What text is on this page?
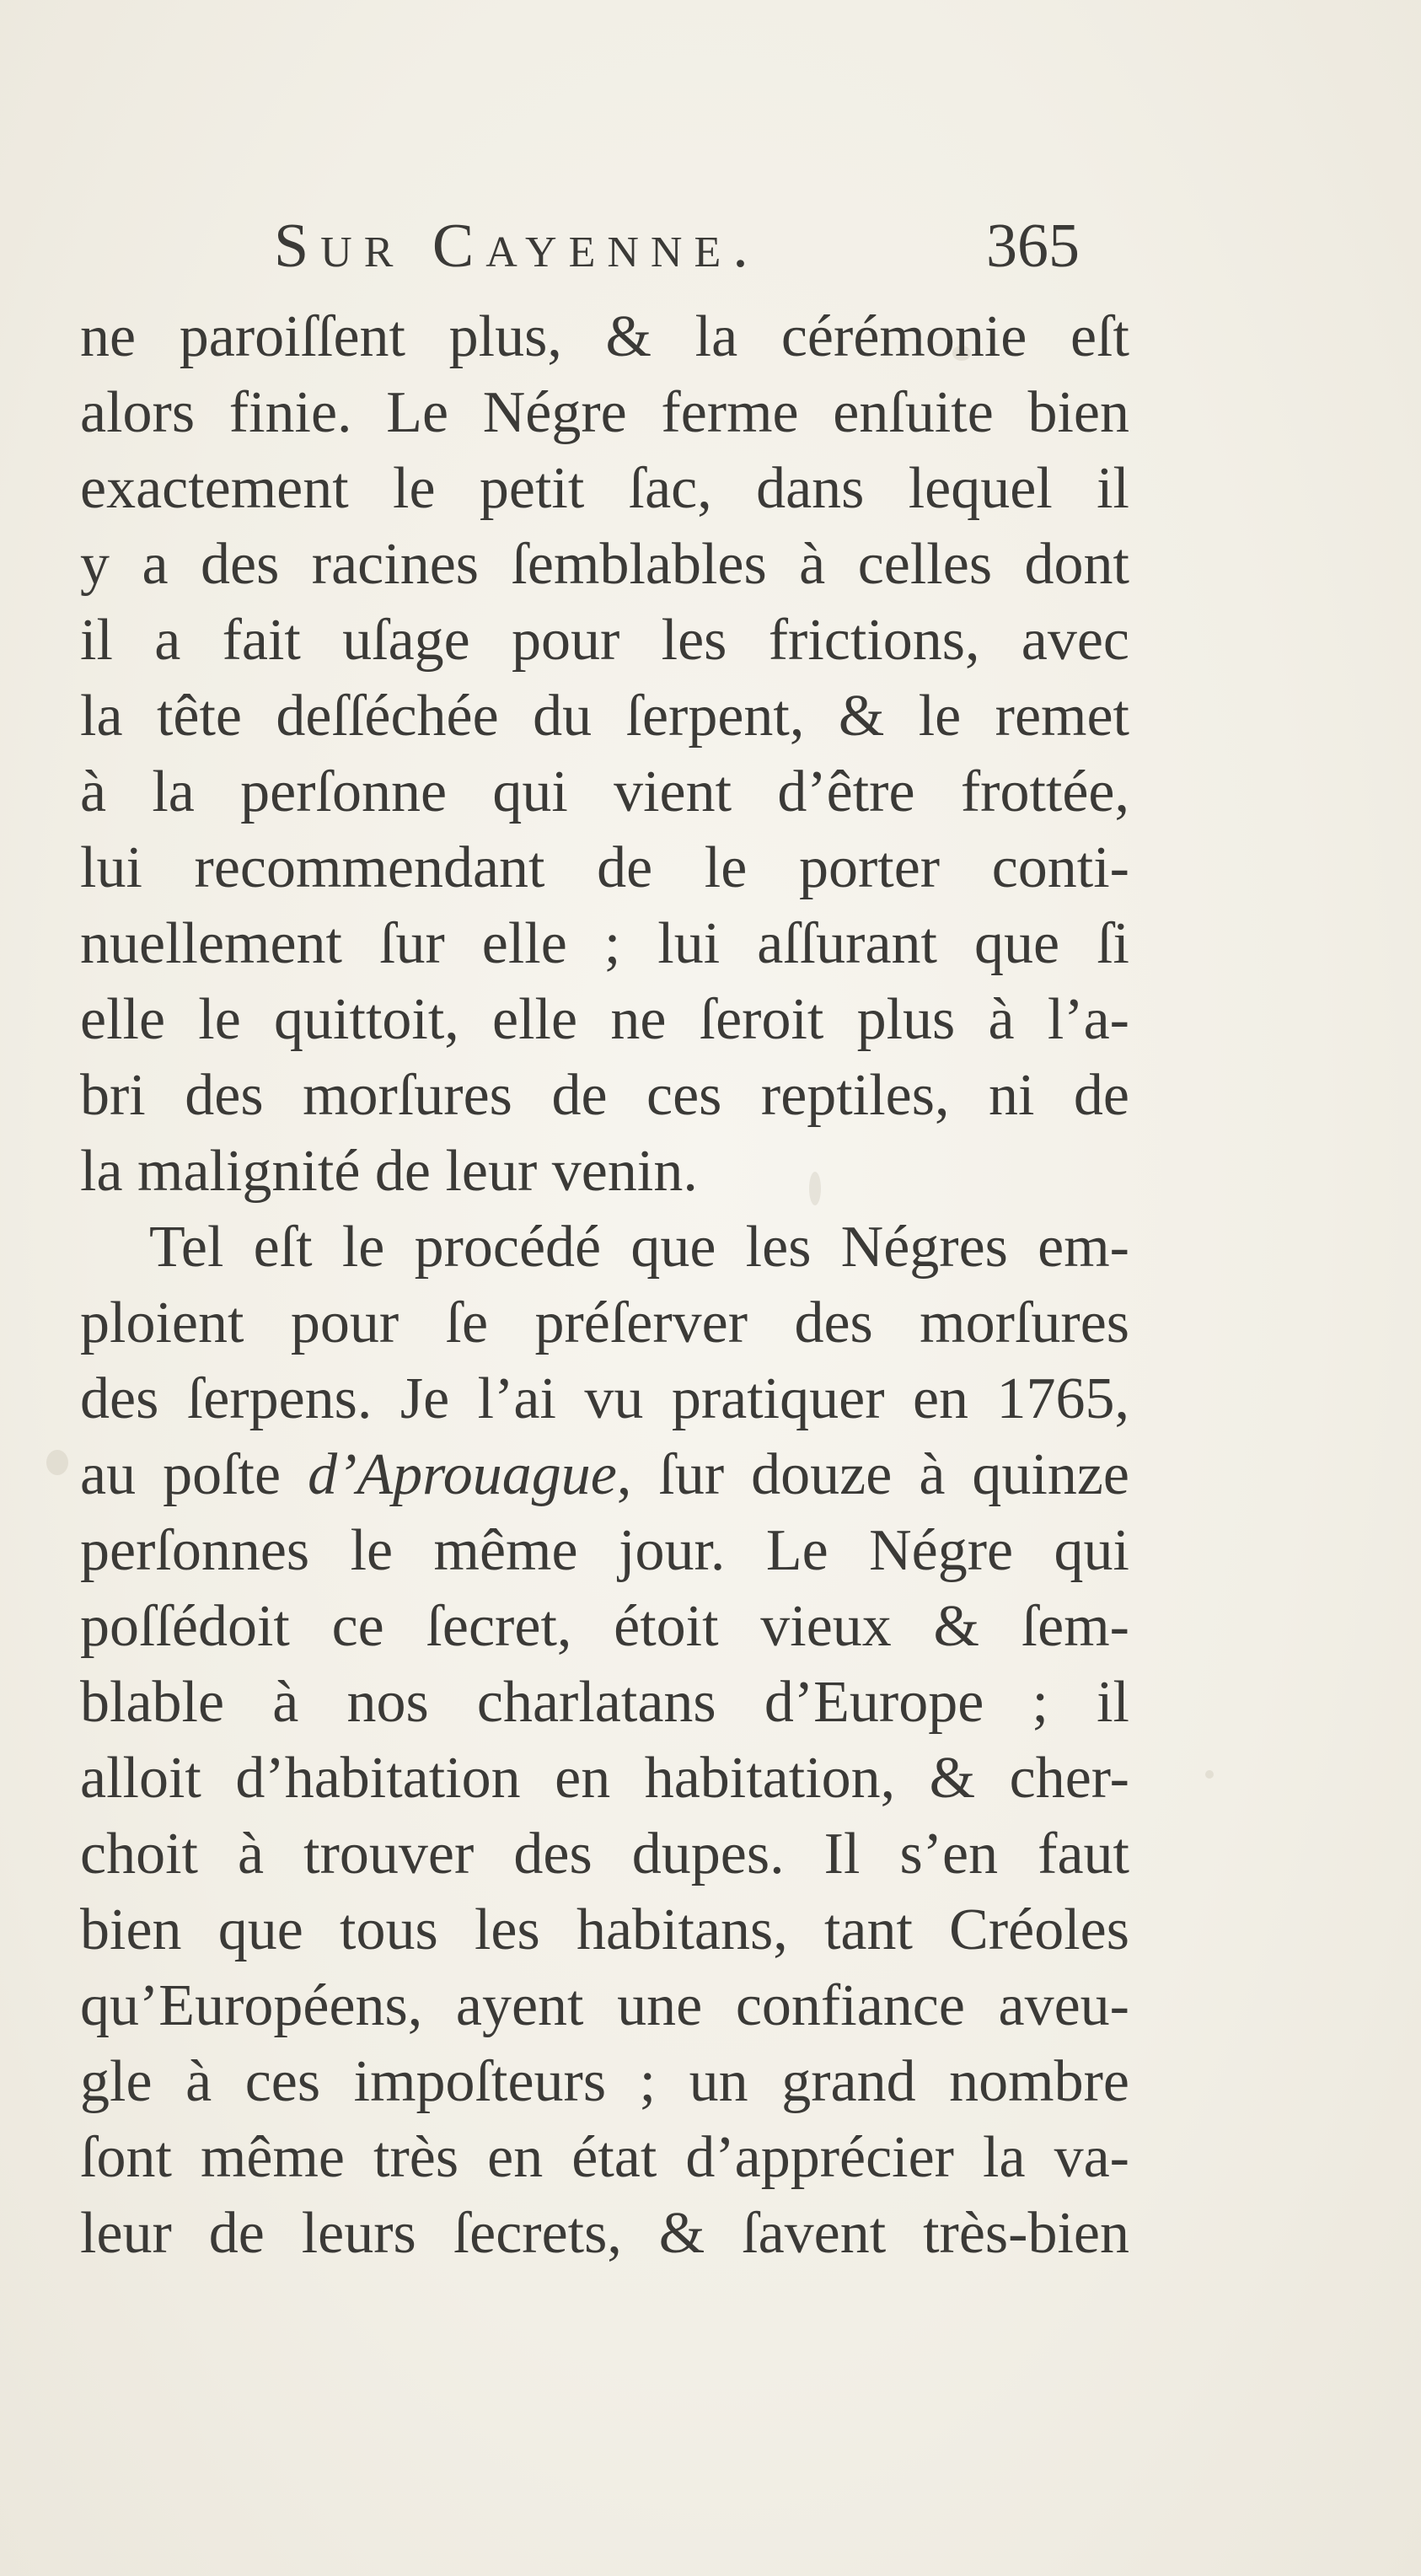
Sur Cayenne.	365
ne paroiſſent plus, & la cérémonie eſt
alors finie. Le Négre ferme enſuite bien
exactement le petit ſac, dans lequel il
y a des racines ſemblables à celles dont
il a fait uſage pour les frictions, avec
la tête deſſéchée du ſerpent, & le remet
à la perſonne qui vient d’être frottée,
lui recommendant de le porter conti-
nuellement ſur elle ; lui aſſurant que ſi
elle le quittoit, elle ne ſeroit plus à l’a-
bri des morſures de ces reptiles, ni de
la malignité de leur venin.
Tel eſt le procédé que les Négres em-
ploient pour ſe préſerver des morſures
des ſerpens. Je l’ai vu pratiquer en 1765,
au poſte d’Aprouague, ſur douze à quinze
perſonnes le même jour. Le Négre qui
poſſédoit ce ſecret, étoit vieux & ſem-
blable à nos charlatans d’Europe ; il
alloit d’habitation en habitation, & cher-
choit à trouver des dupes. Il s’en faut
bien que tous les habitans, tant Créoles
qu’Européens, ayent une confiance aveu-
gle à ces impoſteurs ; un grand nombre
ſont même très en état d’apprécier la va-
leur de leurs ſecrets, & ſavent très-bien
